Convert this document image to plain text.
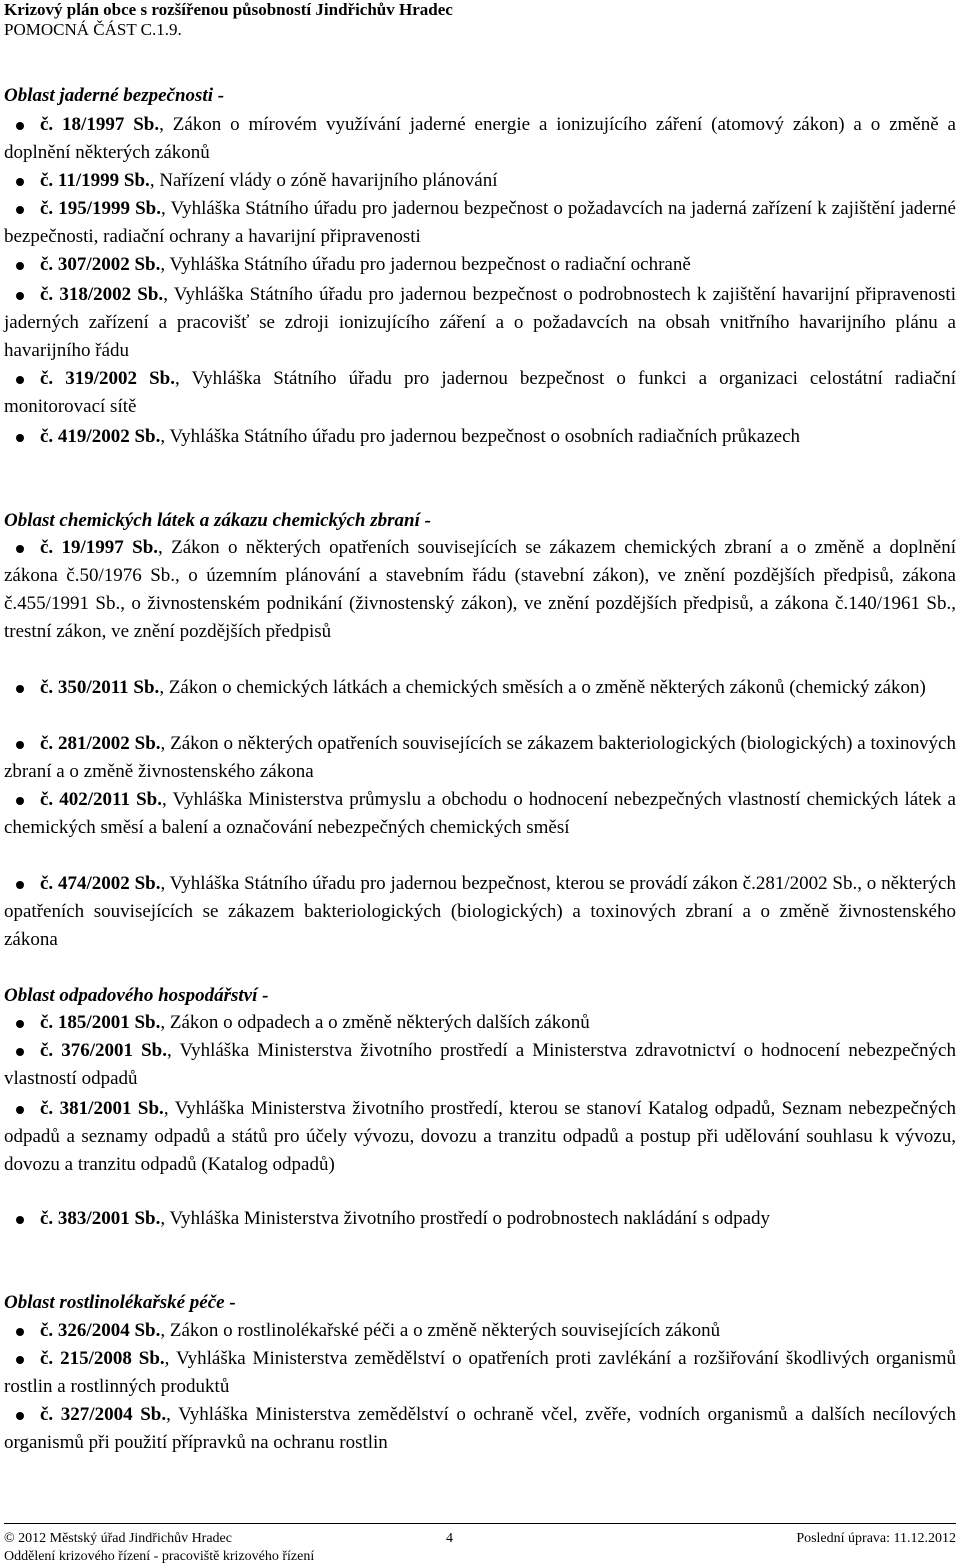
Krizový plán obce s rozšířenou působností Jindřichův Hradec
POMOCNÁ ČÁST C.1.9.
Oblast jaderné bezpečnosti -
č. 18/1997 Sb., Zákon o mírovém využívání jaderné energie a ionizujícího záření (atomový zákon) a o změně a doplnění některých zákonů
č. 11/1999 Sb., Nařízení vlády o zóně havarijního plánování
č. 195/1999 Sb., Vyhláška Státního úřadu pro jadernou bezpečnost o požadavcích na jaderná zařízení k zajištění jaderné bezpečnosti, radiační ochrany a havarijní připravenosti
č. 307/2002 Sb., Vyhláška Státního úřadu pro jadernou bezpečnost o radiační ochraně
č. 318/2002 Sb., Vyhláška Státního úřadu pro jadernou bezpečnost o podrobnostech k zajištění havarijní připravenosti jaderných zařízení a pracovišť se zdroji ionizujícího záření a o požadavcích na obsah vnitřního havarijního plánu a havarijního řádu
č. 319/2002 Sb., Vyhláška Státního úřadu pro jadernou bezpečnost o funkci a organizaci celostátní radiační monitorovací sítě
č. 419/2002 Sb., Vyhláška Státního úřadu pro jadernou bezpečnost o osobních radiačních průkazech
Oblast chemických látek a zákazu chemických zbraní -
č. 19/1997 Sb., Zákon o některých opatřeních souvisejících se zákazem chemických zbraní a o změně a doplnění zákona č.50/1976 Sb., o územním plánování a stavebním řádu (stavební zákon), ve znění pozdějších předpisů, zákona č.455/1991 Sb., o živnostenském podnikání (živnostenský zákon), ve znění pozdějších předpisů, a zákona č.140/1961 Sb., trestní zákon, ve znění pozdějších předpisů
č. 350/2011 Sb., Zákon o chemických látkách a chemických směsích a o změně některých zákonů (chemický zákon)
č. 281/2002 Sb., Zákon o některých opatřeních souvisejících se zákazem bakteriologických (biologických) a toxinových zbraní a o změně živnostenského zákona
č. 402/2011 Sb., Vyhláška Ministerstva průmyslu a obchodu o hodnocení nebezpečných vlastností chemických látek a chemických směsí a balení a označování nebezpečných chemických směsí
č. 474/2002 Sb., Vyhláška Státního úřadu pro jadernou bezpečnost, kterou se provádí zákon č.281/2002 Sb., o některých opatřeních souvisejících se zákazem bakteriologických (biologických) a toxinových zbraní a o změně živnostenského zákona
Oblast odpadového hospodářství -
č. 185/2001 Sb., Zákon o odpadech a o změně některých dalších zákonů
č. 376/2001 Sb., Vyhláška Ministerstva životního prostředí a Ministerstva zdravotnictví o hodnocení nebezpečných vlastností odpadů
č. 381/2001 Sb., Vyhláška Ministerstva životního prostředí, kterou se stanoví Katalog odpadů, Seznam nebezpečných odpadů a seznamy odpadů a států pro účely vývozu, dovozu a tranzitu odpadů a postup při udělování souhlasu k vývozu, dovozu a tranzitu odpadů (Katalog odpadů)
č. 383/2001 Sb., Vyhláška Ministerstva životního prostředí o podrobnostech nakládání s odpady
Oblast rostlinolékařské péče -
č. 326/2004 Sb., Zákon o rostlinolékařské péči a o změně některých souvisejících zákonů
č. 215/2008 Sb., Vyhláška Ministerstva zemědělství o opatřeních proti zavlékání a rozšiřování škodlivých organismů rostlin a rostlinných produktů
č. 327/2004 Sb., Vyhláška Ministerstva zemědělství o ochraně včel, zvěře, vodních organismů a dalších necílových organismů při použití přípravků na ochranu rostlin
© 2012 Městský úřad Jindřichův Hradec	4	Poslední úprava: 11.12.2012
Oddělení krizového řízení - pracoviště krizového řízení
